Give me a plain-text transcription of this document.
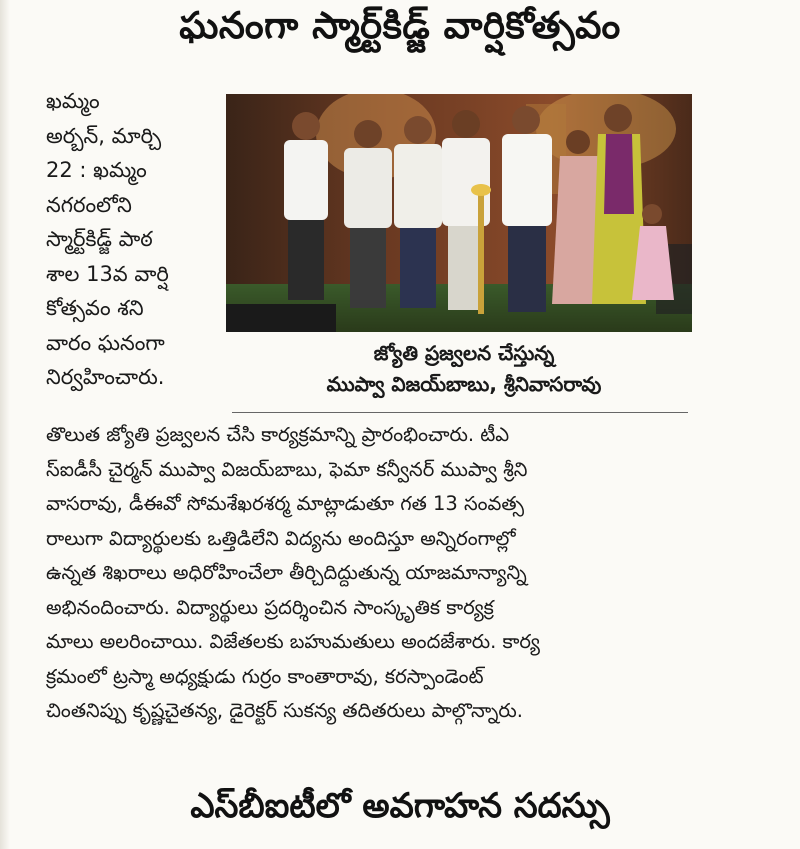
ఘనంగా స్మార్ట్‌కిడ్జ్ వార్షికోత్సవం
ఖమ్మం
అర్బన్‌, మార్చి
22 : ఖమ్మం
నగరంలోని
స్మార్ట్‌కిడ్జ్ పాఠ
శాల 13వ వార్షి
కోత్సవం శని
వారం ఘనంగా
నిర్వహించారు.
జ్యోతి ప్రజ్వలన చేస్తున్న
ముప్వా విజయ్‌బాబు, శ్రీనివాసరావు
తొలుత జ్యోతి ప్రజ్వలన చేసి కార్యక్రమాన్ని ప్రారంభించారు. టీఎ
స్‌ఐడీసీ చైర్మన్ ముప్వా విజయ్‌బాబు, ఫెమా కన్వీనర్ ముప్వా శ్రీని
వాసరావు, డీఈవో సోమశేఖరశర్మ మాట్లాడుతూ గత 13 సంవత్స
రాలుగా విద్యార్థులకు ఒత్తిడిలేని విద్యను అందిస్తూ అన్నిరంగాల్లో
ఉన్నత శిఖరాలు అధిరోహించేలా తీర్చిదిద్దుతున్న యాజమాన్యాన్ని
అభినందించారు. విద్యార్థులు ప్రదర్శించిన సాంస్కృతిక కార్యక్ర
మాలు అలరించాయి. విజేతలకు బహుమతులు అందజేశారు. కార్య
క్రమంలో ట్రస్మా అధ్యక్షుడు గుర్రం కాంతారావు, కరస్పాండెంట్
చింతనిప్పు కృష్ణచైతన్య, డైరెక్టర్ సుకన్య తదితరులు పాల్గొన్నారు.
ఎస్‌బీఐటీలో అవగాహన సదస్సు
